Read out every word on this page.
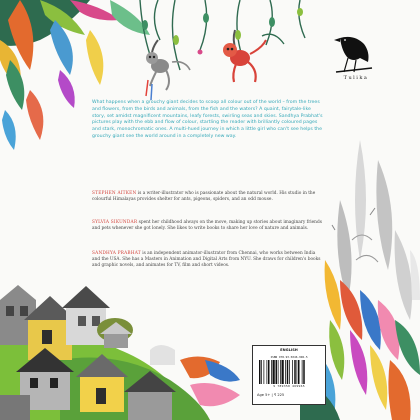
Tulika

What happens when a grouchy giant decides to scoop all colour out of the world – from the trees and flowers, from the birds and animals, from the fish and the waters? A quaint, fairytale-like story, set amidst magnificent mountains, leafy forests, swirling seas and skies. Sandhya Prabhat's pictures play with the ebb and flow of colour, startling the reader with brilliantly coloured pages and stark, monochromatic ones. A multi-hued journey in which a little girl who can't see helps the grouchy giant see the world around in a completely new way.

STEPHEN AITKEN is a writer-illustrator who is passionate about the natural world. His studio in the colourful Himalayas provides shelter for ants, pigeons, spiders, and an odd mouse.

SYLVIA SIKUNDAR spent her childhood always on the move, making up stories about imaginary friends and pets whenever she got lonely. She likes to write books to share her love of nature and animals.

SANDHYA PRABHAT is an independent animator-illustrator from Chennai, who works between India and the USA. She has a Masters in Animation and Digital Arts from NYU. She draws for children's books and graphic novels, and animates for TV, film and short videos.

ENGLISH
ISBN 978-93-5046-996-5
9 789350 469965
Age 5+ | ₹ 225
